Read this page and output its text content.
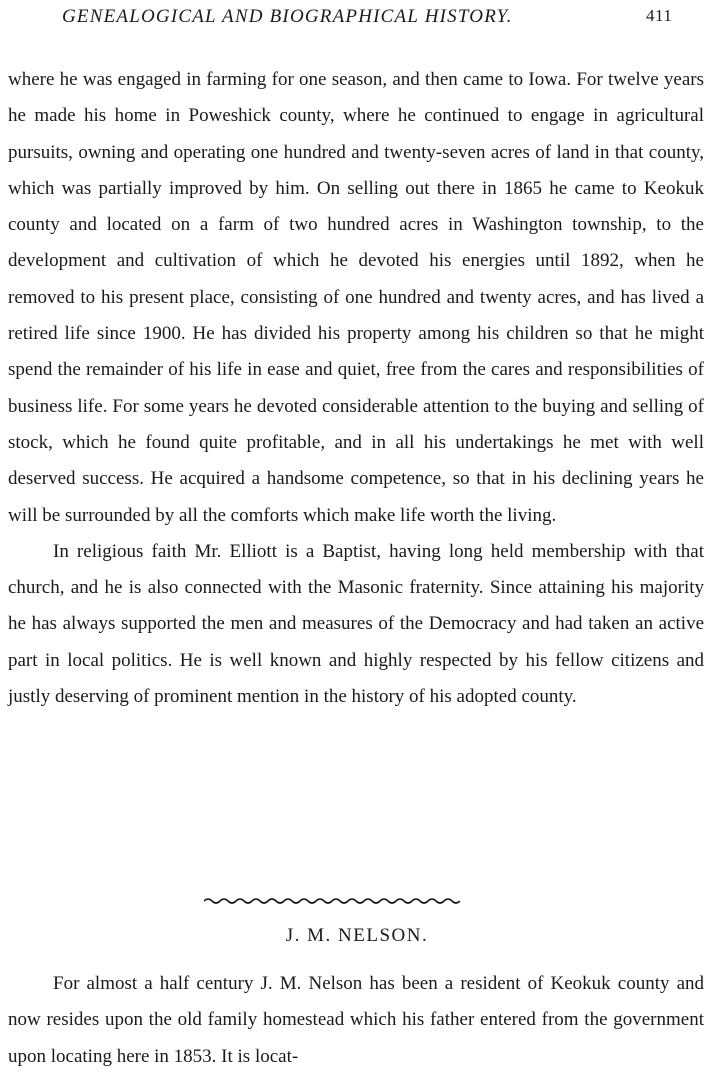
GENEALOGICAL AND BIOGRAPHICAL HISTORY.	411

where he was engaged in farming for one season, and then came to Iowa. For twelve years he made his home in Poweshick county, where he continued to engage in agricultural pursuits, owning and operating one hundred and twenty-seven acres of land in that county, which was partially improved by him. On selling out there in 1865 he came to Keokuk county and located on a farm of two hundred acres in Washington township, to the development and cultivation of which he devoted his energies until 1892, when he removed to his present place, consisting of one hundred and twenty acres, and has lived a retired life since 1900. He has divided his property among his children so that he might spend the remainder of his life in ease and quiet, free from the cares and responsibilities of business life. For some years he devoted considerable attention to the buying and selling of stock, which he found quite profitable, and in all his undertakings he met with well deserved success. He acquired a handsome competence, so that in his declining years he will be surrounded by all the comforts which make life worth the living.

In religious faith Mr. Elliott is a Baptist, having long held membership with that church, and he is also connected with the Masonic fraternity. Since attaining his majority he has always supported the men and measures of the Democracy and had taken an active part in local politics. He is well known and highly respected by his fellow citizens and justly deserving of prominent mention in the history of his adopted county.

J. M. NELSON.

For almost a half century J. M. Nelson has been a resident of Keokuk county and now resides upon the old family homestead which his father entered from the government upon locating here in 1853. It is locat-
